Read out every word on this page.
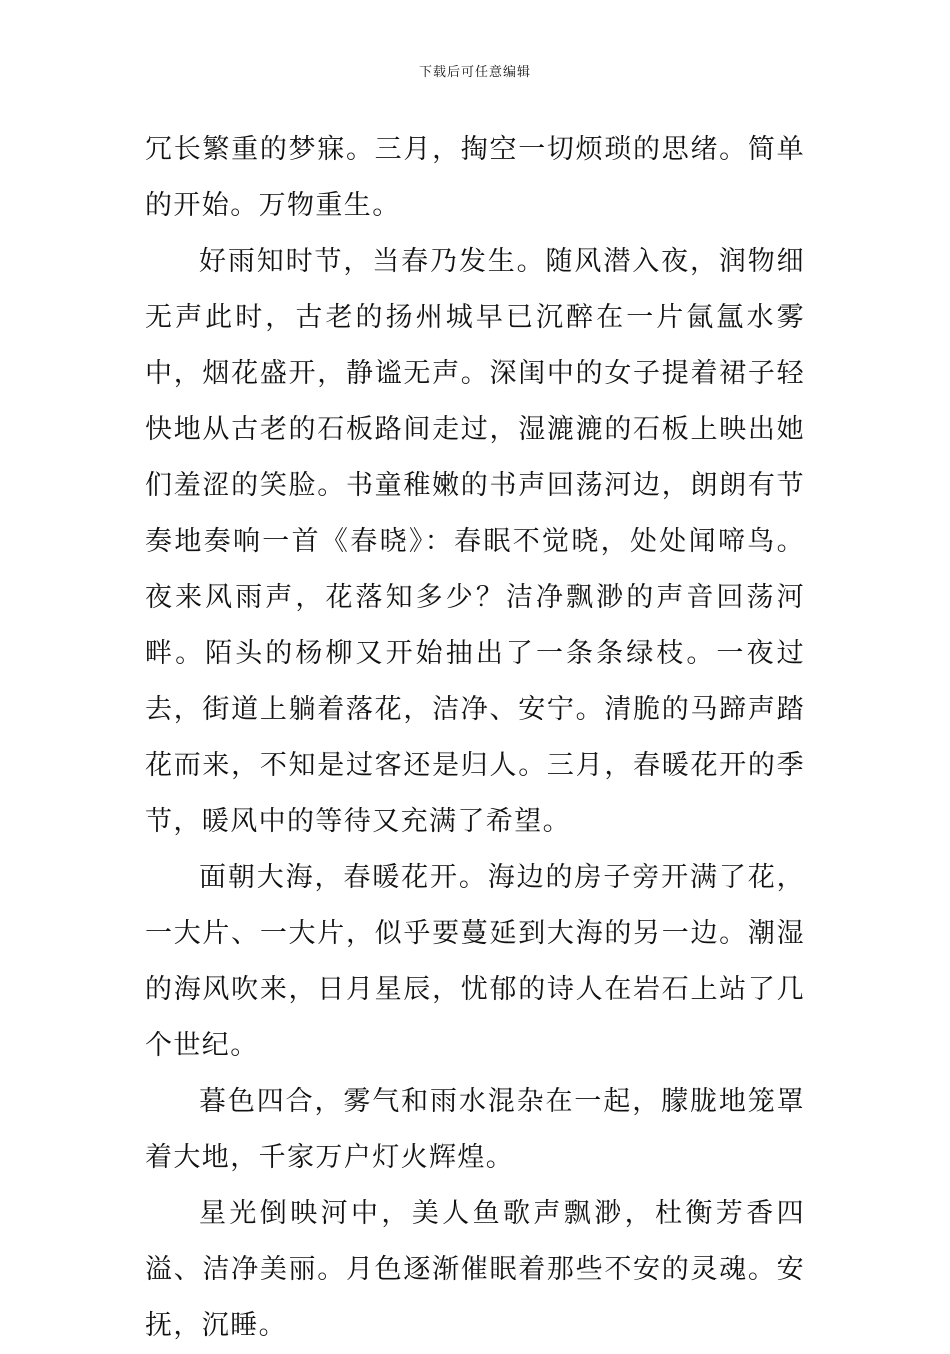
下载后可任意编辑

冗长繁重的梦寐。三月，掏空一切烦琐的思绪。简单的开始。万物重生。

好雨知时节，当春乃发生。随风潜入夜，润物细无声此时，古老的扬州城早已沉醉在一片氤氲水雾中，烟花盛开，静谧无声。深闺中的女子提着裙子轻快地从古老的石板路间走过，湿漉漉的石板上映出她们羞涩的笑脸。书童稚嫩的书声回荡河边，朗朗有节奏地奏响一首《春晓》：春眠不觉晓，处处闻啼鸟。夜来风雨声，花落知多少？洁净飘渺的声音回荡河畔。陌头的杨柳又开始抽出了一条条绿枝。一夜过去，街道上躺着落花，洁净、安宁。清脆的马蹄声踏花而来，不知是过客还是归人。三月，春暖花开的季节，暖风中的等待又充满了希望。

面朝大海，春暖花开。海边的房子旁开满了花，一大片、一大片，似乎要蔓延到大海的另一边。潮湿的海风吹来，日月星辰，忧郁的诗人在岩石上站了几个世纪。

暮色四合，雾气和雨水混杂在一起，朦胧地笼罩着大地，千家万户灯火辉煌。

星光倒映河中，美人鱼歌声飘渺，杜衡芳香四溢、洁净美丽。月色逐渐催眠着那些不安的灵魂。安抚，沉睡。
